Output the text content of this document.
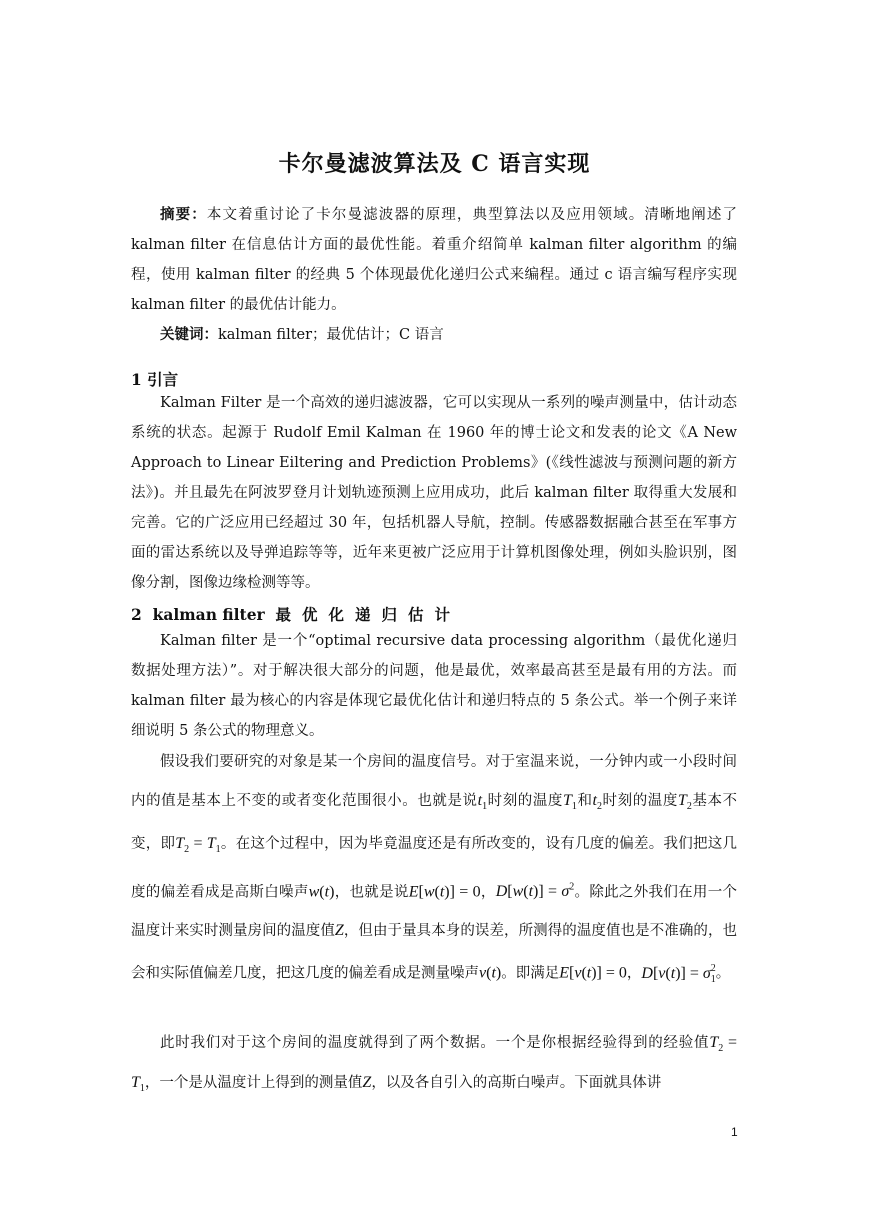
卡尔曼滤波算法及 C 语言实现

摘要：本文着重讨论了卡尔曼滤波器的原理，典型算法以及应用领域。清晰地阐述了 kalman filter 在信息估计方面的最优性能。着重介绍简单 kalman filter algorithm 的编程，使用 kalman filter 的经典 5 个体现最优化递归公式来编程。通过 c 语言编写程序实现 kalman filter 的最优估计能力。

关键词：kalman filter；最优估计；C 语言

1 引言

Kalman Filter 是一个高效的递归滤波器，它可以实现从一系列的噪声测量中，估计动态系统的状态。起源于 Rudolf Emil Kalman 在 1960 年的博士论文和发表的论文《A New Approach to Linear Eiltering and Prediction Problems》(《线性滤波与预测问题的新方法》)。并且最先在阿波罗登月计划轨迹预测上应用成功，此后 kalman filter 取得重大发展和完善。它的广泛应用已经超过 30 年，包括机器人导航，控制。传感器数据融合甚至在军事方面的雷达系统以及导弹追踪等等，近年来更被广泛应用于计算机图像处理，例如头脸识别，图像分割，图像边缘检测等等。

2 kalman filter 最优化递归估计

Kalman filter 是一个“optimal recursive data processing algorithm（最优化递归数据处理方法）”。对于解决很大部分的问题，他是最优，效率最高甚至是最有用的方法。而 kalman filter 最为核心的内容是体现它最优化估计和递归特点的 5 条公式。举一个例子来详细说明 5 条公式的物理意义。

假设我们要研究的对象是某一个房间的温度信号。对于室温来说，一分钟内或一小段时间内的值是基本上不变的或者变化范围很小。也就是说$t_1$时刻的温度$T_1$和$t_2$时刻的温度$T_2$基本不变，即$T_2 = T_1$。在这个过程中，因为毕竟温度还是有所改变的，设有几度的偏差。我们把这几度的偏差看成是高斯白噪声w(t)，也就是说E[w(t)] = 0，$D[w(t)] = \sigma^2$。除此之外我们在用一个温度计来实时测量房间的温度值Z，但由于量具本身的误差，所测得的温度值也是不准确的，也会和实际值偏差几度，把这几度的偏差看成是测量噪声v(t)。即满足E[v(t)] = 0，$D[v(t)] = \sigma_1^2$。

此时我们对于这个房间的温度就得到了两个数据。一个是你根据经验得到的经验值$T_2 = T_1$，一个是从温度计上得到的测量值Z，以及各自引入的高斯白噪声。下面就具体讲

1
